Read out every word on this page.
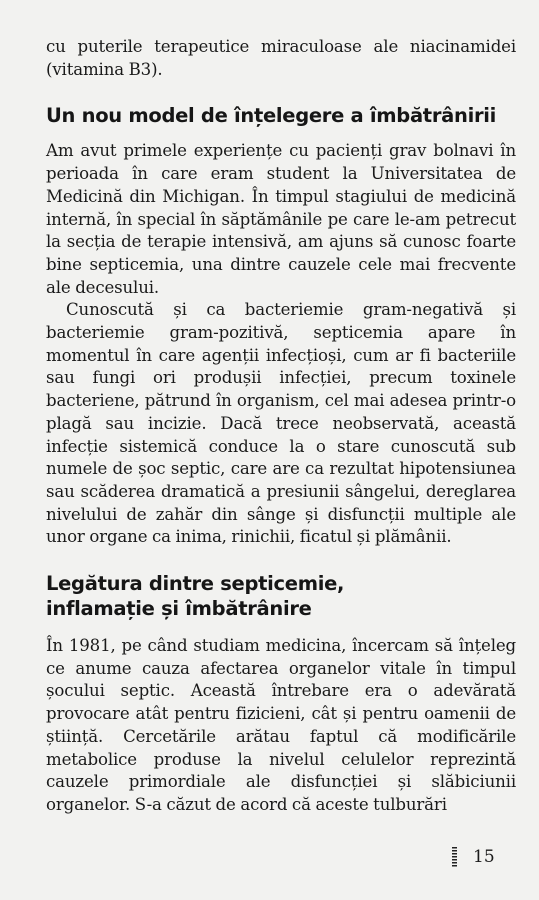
cu puterile terapeutice miraculoase ale niacinamidei (vitamina B3).

Un nou model de înțelegere a îmbătrânirii

Am avut primele experiențe cu pacienți grav bolnavi în perioada în care eram student la Universitatea de Medicină din Michigan. În timpul stagiului de medicină internă, în special în săptămânile pe care le-am petrecut la secția de terapie intensivă, am ajuns să cunosc foarte bine septicemia, una dintre cauzele cele mai frecvente ale decesului.

Cunoscută și ca bacteriemie gram-negativă și bacteriemie gram-pozitivă, septicemia apare în momentul în care agenții infecțioși, cum ar fi bacteriile sau fungi ori produșii infecției, precum toxinele bacteriene, pătrund în organism, cel mai adesea printr-o plagă sau incizie. Dacă trece neobservată, această infecție sistemică conduce la o stare cunoscută sub numele de șoc septic, care are ca rezultat hipotensiunea sau scăderea dramatică a presiunii sângelui, dereglarea nivelului de zahăr din sânge și disfuncții multiple ale unor organe ca inima, rinichii, ficatul și plămânii.

Legătura dintre septicemie, inflamație și îmbătrânire

În 1981, pe când studiam medicina, încercam să înțeleg ce anume cauza afectarea organelor vitale în timpul șocului septic. Această întrebare era o adevărată provocare atât pentru fizicieni, cât și pentru oamenii de știință. Cercetările arătau faptul că modificările metabolice produse la nivelul celulelor reprezintă cauzele primordiale ale disfuncției și slăbiciunii organelor. S-a căzut de acord că aceste tulburări

15
